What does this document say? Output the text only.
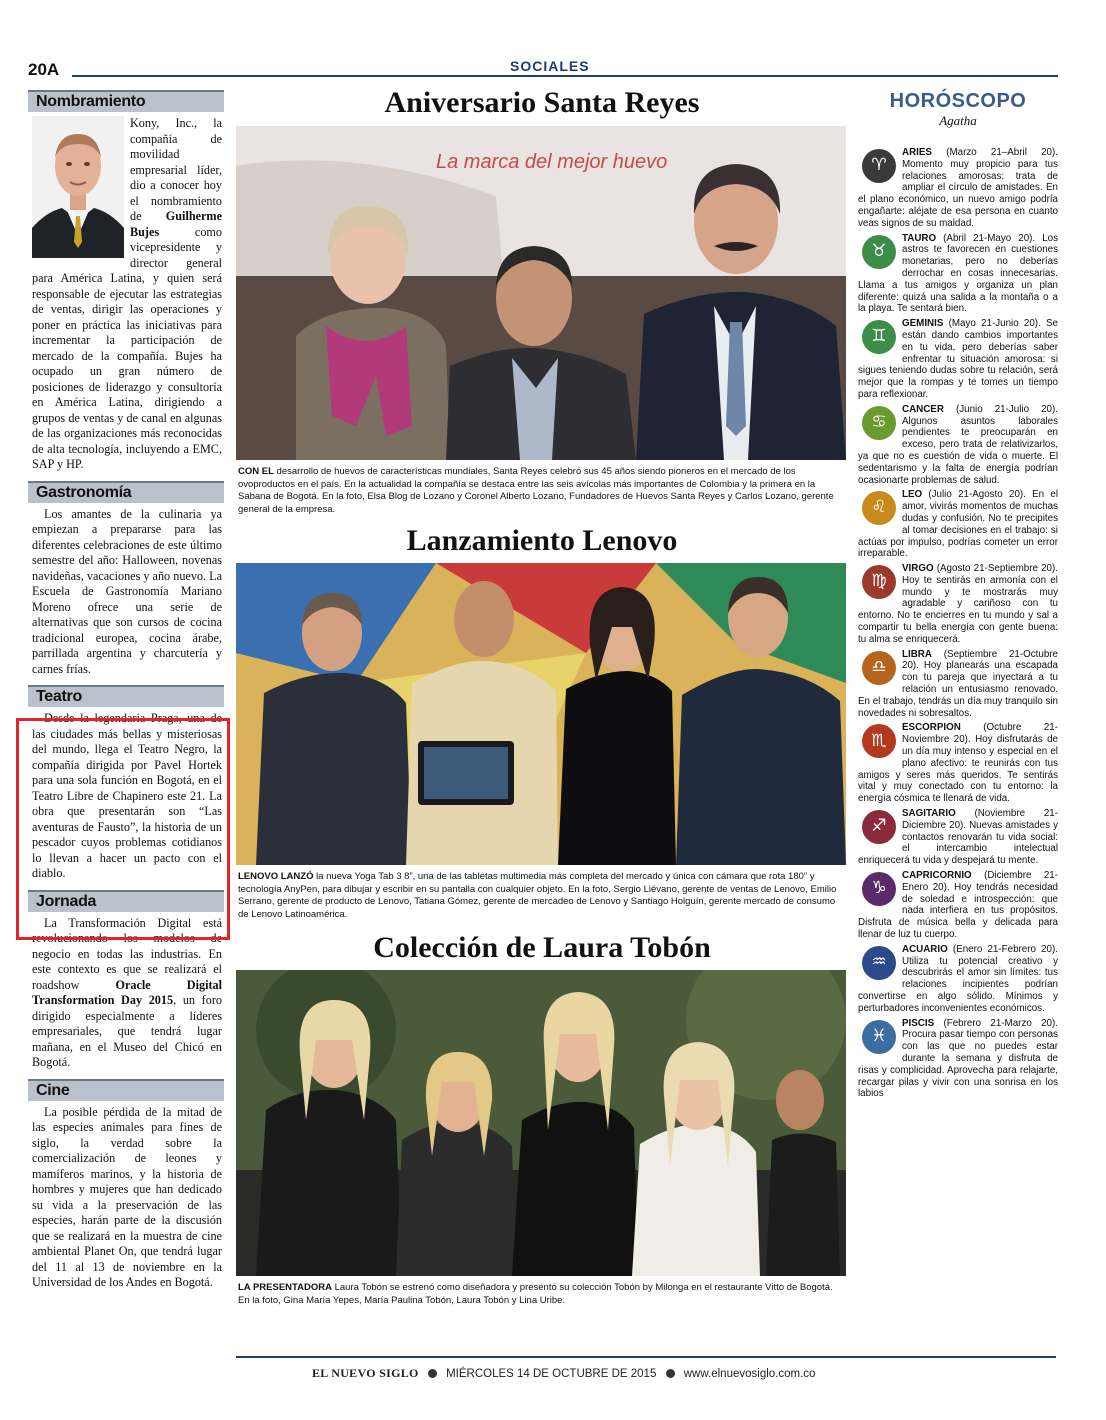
20A	SOCIALES
Nombramiento
Kony, Inc., la compañía de movilidad empresarial líder, dio a conocer hoy el nombramiento de Guilherme Bujes como vicepresidente y director general para América Latina, y quien será responsable de ejecutar las estrategias de ventas, dirigir las operaciones y poner en práctica las iniciativas para incrementar la participación de mercado de la compañía. Bujes ha ocupado un gran número de posiciones de liderazgo y consultoría en América Latina, dirigiendo a grupos de ventas y de canal en algunas de las organizaciones más reconocidas de alta tecnología, incluyendo a EMC, SAP y HP.
Gastronomía

Los amantes de la culinaria ya empiezan a prepararse para las diferentes celebraciones de este último semestre del año: Halloween, novenas navideñas, vacaciones y año nuevo. La Escuela de Gastronomía Mariano Moreno ofrece una serie de alternativas que son cursos de cocina tradicional europea, cocina árabe, parrillada argentina y charcutería y carnes frías.

Teatro

Desde la legendaria Praga, una de las ciudades más bellas y misteriosas del mundo, llega el Teatro Negro, la compañía dirigida por Pavel Hortek para una sola función en Bogotá, en el Teatro Libre de Chapinero este 21. La obra que presentarán son “Las aventuras de Fausto”, la historia de un pescador cuyos problemas cotidianos lo llevan a hacer un pacto con el diablo.

Jornada

La Transformación Digital está revolucionando los modelos de negocio en todas las industrias. En este contexto es que se realizará el roadshow Oracle Digital Transformation Day 2015, un foro dirigido especialmente a líderes empresariales, que tendrá lugar mañana, en el Museo del Chicó en Bogotá.

Cine

La posible pérdida de la mitad de las especies animales para fines de siglo, la verdad sobre la comercialización de leones y mamíferos marinos, y la historia de hombres y mujeres que han dedicado su vida a la preservación de las especies, harán parte de la discusión que se realizará en la muestra de cine ambiental Planet On, que tendrá lugar del 11 al 13 de noviembre en la Universidad de los Andes en Bogotá.

Aniversario Santa Reyes
La marca del mejor huevo

CON EL desarrollo de huevos de características mundiales, Santa Reyes celebró sus 45 años siendo pioneros en el mercado de los ovoproductos en el país. En la actualidad la compañía se destaca entre las seis avícolas más importantes de Colombia y la primera en la Sabana de Bogotá. En la foto, Elsa Blog de Lozano y Coronel Alberto Lozano, Fundadores de Huevos Santa Reyes y Carlos Lozano, gerente general de la empresa.

Lanzamiento Lenovo

LENOVO LANZÓ la nueva Yoga Tab 3 8”, una de las tabletas multimedia más completa del mercado y única con cámara que rota 180” y tecnología AnyPen, para dibujar y escribir en su pantalla con cualquier objeto. En la foto, Sergio Liévano, gerente de ventas de Lenovo, Emilio Serrano, gerente de producto de Lenovo, Tatiana Gómez, gerente de mercadeo de Lenovo y Santiago Holguín, gerente mercado de consumo de Lenovo Latinoamérica.

Colección de Laura Tobón

LA PRESENTADORA Laura Tobón se estrenó como diseñadora y presentó su colección Tobón by Milonga en el restaurante Vitto de Bogotá. En la foto, Gina María Yepes, María Paulina Tobón, Laura Tobón y Lina Uribe.

HORÓSCOPO
Agatha
♈
ARIES (Marzo 21–Abril 20). Momento muy propicio para tus relaciones amorosas: trata de ampliar el círculo de amistades. En el plano económico, un nuevo amigo podría engañarte: aléjate de esa persona en cuanto veas signos de su maldad.
♉
TAURO (Abril 21-Mayo 20). Los astros te favorecen en cuestiones monetarias, pero no deberías derrochar en cosas innecesarias. Llama a tus amigos y organiza un plan diferente: quizá una salida a la montaña o a la playa. Te sentará bien.
♊
GEMINIS (Mayo 21-Junio 20). Se están dando cambios importantes en tu vida, pero deberías saber enfrentar tu situación amorosa: si sigues teniendo dudas sobre tu relación, será mejor que la rompas y te tomes un tiempo para reflexionar.
♋
CANCER (Junio 21-Julio 20). Algunos asuntos laborales pendientes te preocuparán en exceso, pero trata de relativizarlos, ya que no es cuestión de vida o muerte. El sedentarismo y la falta de energía podrían ocasionarte problemas de salud.
♌
LEO (Julio 21-Agosto 20). En el amor, vivirás momentos de muchas dudas y confusión. No te precipites al tomar decisiones en el trabajo: si actúas por impulso, podrías cometer un error irreparable.
♍
VIRGO (Agosto 21-Septiembre 20). Hoy te sentirás en armonía con el mundo y te mostrarás muy agradable y cariñoso con tu entorno. No te encierres en tu mundo y sal a compartir tu bella energía con gente buena: tu alma se enriquecerá.
♎
LIBRA (Septiembre 21-Octubre 20). Hoy planearás una escapada con tu pareja que inyectará a tu relación un entusiasmo renovado. En el trabajo, tendrás un día muy tranquilo sin novedades ni sobresaltos.
♏
ESCORPION (Octubre 21-Noviembre 20). Hoy disfrutarás de un día muy intenso y especial en el plano afectivo: te reunirás con tus amigos y seres más queridos. Te sentirás vital y muy conectado con tu entorno: la energía cósmica te llenará de vida.
♐
SAGITARIO (Noviembre 21-Diciembre 20). Nuevas amistades y contactos renovarán tu vida social: el intercambio intelectual enriquecerá tu vida y despejará tu mente.
♑
CAPRICORNIO (Diciembre 21-Enero 20). Hoy tendrás necesidad de soledad e introspección: que nada interfiera en tus propósitos. Disfruta de música bella y delicada para llenar de luz tu cuerpo.
♒
ACUARIO (Enero 21-Febrero 20). Utiliza tu potencial creativo y descubrirás el amor sin límites: tus relaciones incipientes podrían convertirse en algo sólido. Mínimos y perturbadores inconvenientes económicos.
♓
PISCIS (Febrero 21-Marzo 20). Procura pasar tiempo con personas con las que no puedes estar durante la semana y disfruta de risas y complicidad. Aprovecha para relajarte, recargar pilas y vivir con una sonrisa en los labios
EL NUEVO SIGLO MIÉRCOLES 14 DE OCTUBRE DE 2015 www.elnuevosiglo.com.co
